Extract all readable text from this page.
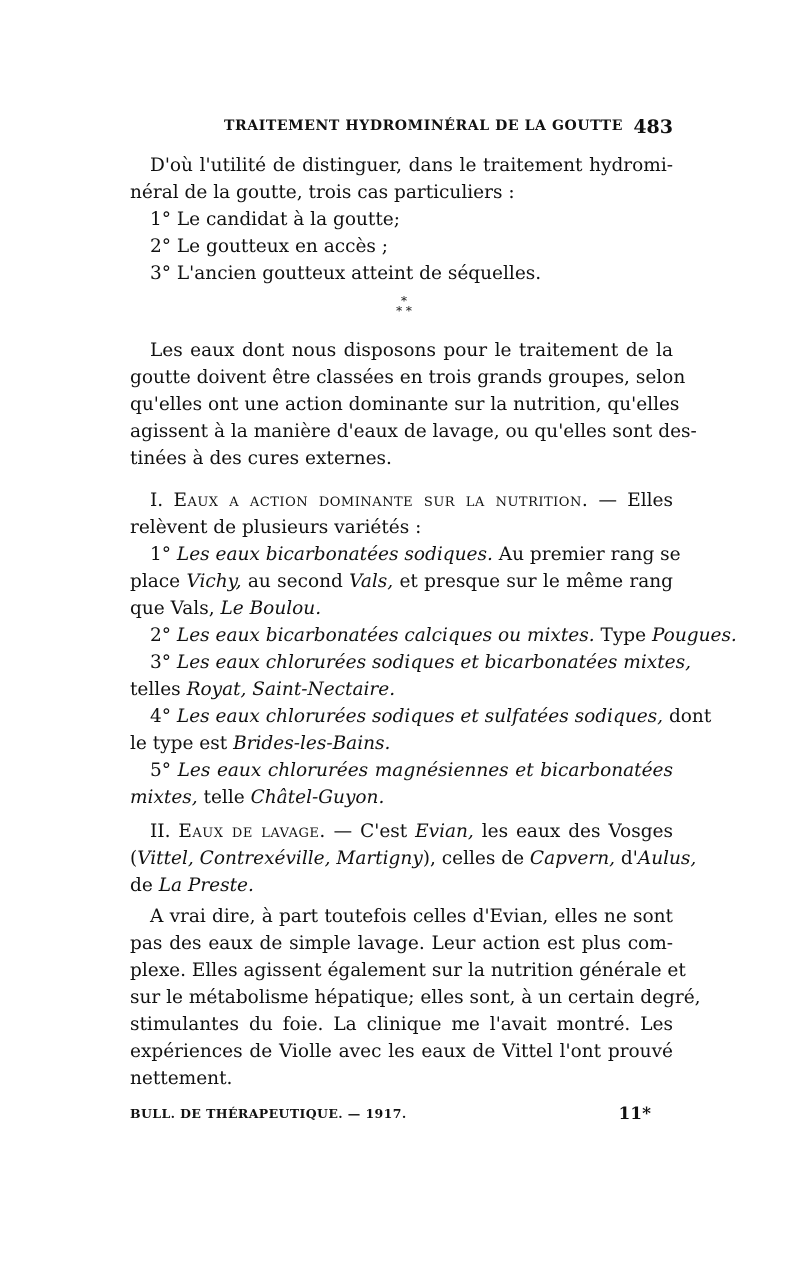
TRAITEMENT HYDROMINÉRAL DE LA GOUTTE 483
D'où l'utilité de distinguer, dans le traitement hydromi-
néral de la goutte, trois cas particuliers :
1° Le candidat à la goutte;
2° Le goutteux en accès ;
3° L'ancien goutteux atteint de séquelles.
*
* *
Les eaux dont nous disposons pour le traitement de la
goutte doivent être classées en trois grands groupes, selon
qu'elles ont une action dominante sur la nutrition, qu'elles
agissent à la manière d'eaux de lavage, ou qu'elles sont des-
tinées à des cures externes.
I. Eaux a action dominante sur la nutrition. — Elles
relèvent de plusieurs variétés :
1° Les eaux bicarbonatées sodiques. Au premier rang se
place Vichy, au second Vals, et presque sur le même rang
que Vals, Le Boulou.
2° Les eaux bicarbonatées calciques ou mixtes. Type Pougues.
3° Les eaux chlorurées sodiques et bicarbonatées mixtes,
telles Royat, Saint-Nectaire.
4° Les eaux chlorurées sodiques et sulfatées sodiques, dont
le type est Brides-les-Bains.
5° Les eaux chlorurées magnésiennes et bicarbonatées
mixtes, telle Châtel-Guyon.
II. Eaux de lavage. — C'est Evian, les eaux des Vosges
(Vittel, Contrexéville, Martigny), celles de Capvern, d'Aulus,
de La Preste.
A vrai dire, à part toutefois celles d'Evian, elles ne sont
pas des eaux de simple lavage. Leur action est plus com-
plexe. Elles agissent également sur la nutrition générale et
sur le métabolisme hépatique; elles sont, à un certain degré,
stimulantes du foie. La clinique me l'avait montré. Les
expériences de Violle avec les eaux de Vittel l'ont prouvé
nettement.
BULL. DE THÉRAPEUTIQUE. — 1917.	11*
